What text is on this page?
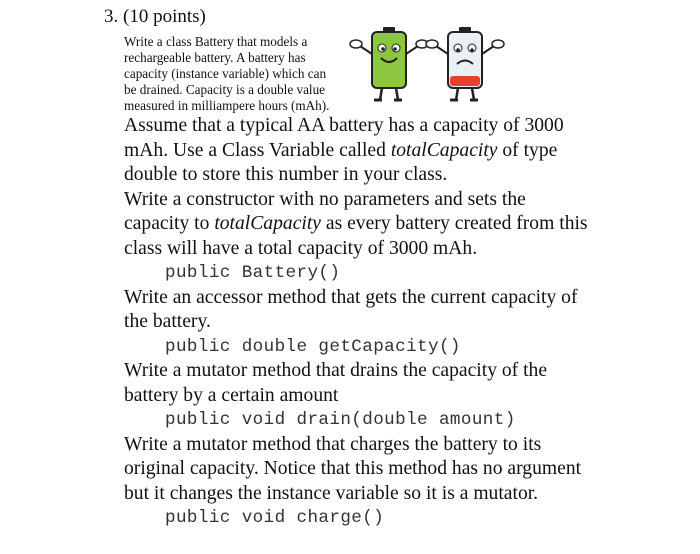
3. (10 points)
Write a class Battery that models a
rechargeable battery. A battery has
capacity (instance variable) which can
be drained. Capacity is a double value
measured in milliampere hours (mAh).
Assume that a typical AA battery has a capacity of 3000
mAh. Use a Class Variable called totalCapacity of type
double to store this number in your class.
Write a constructor with no parameters and sets the
capacity to totalCapacity as every battery created from this
class will have a total capacity of 3000 mAh.
public Battery()
Write an accessor method that gets the current capacity of
the battery.
public double getCapacity()
Write a mutator method that drains the capacity of the
battery by a certain amount
public void drain(double amount)
Write a mutator method that charges the battery to its
original capacity. Notice that this method has no argument
but it changes the instance variable so it is a mutator.
public void charge()
